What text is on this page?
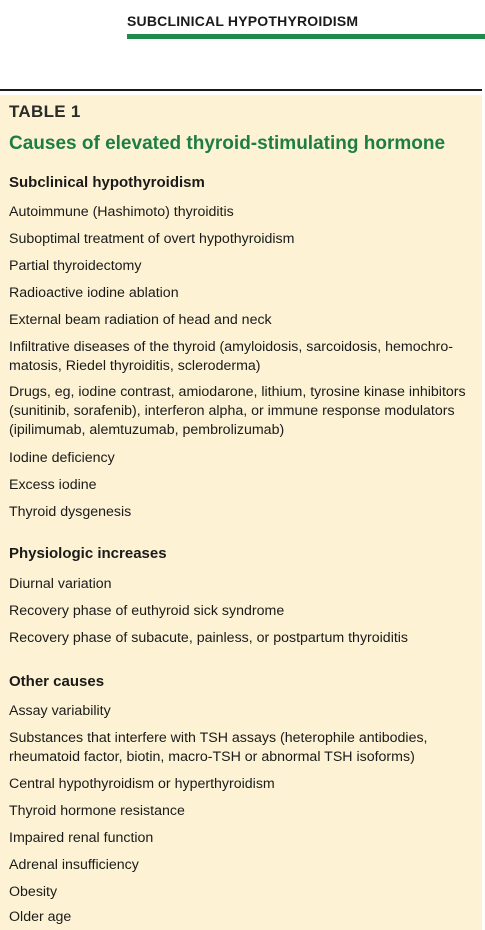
SUBCLINICAL HYPOTHYROIDISM
TABLE 1
Causes of elevated thyroid-stimulating hormone
Subclinical hypothyroidism
Autoimmune (Hashimoto) thyroiditis
Suboptimal treatment of overt hypothyroidism
Partial thyroidectomy
Radioactive iodine ablation
External beam radiation of head and neck
Infiltrative diseases of the thyroid (amyloidosis, sarcoidosis, hemochro-matosis, Riedel thyroiditis, scleroderma)
Drugs, eg, iodine contrast, amiodarone, lithium, tyrosine kinase inhibitors (sunitinib, sorafenib), interferon alpha, or immune response modulators (ipilimumab, alemtuzumab, pembrolizumab)
Iodine deficiency
Excess iodine
Thyroid dysgenesis
Physiologic increases
Diurnal variation
Recovery phase of euthyroid sick syndrome
Recovery phase of subacute, painless, or postpartum thyroiditis
Other causes
Assay variability
Substances that interfere with TSH assays (heterophile antibodies, rheumatoid factor, biotin, macro-TSH or abnormal TSH isoforms)
Central hypothyroidism or hyperthyroidism
Thyroid hormone resistance
Impaired renal function
Adrenal insufficiency
Obesity
Older age
